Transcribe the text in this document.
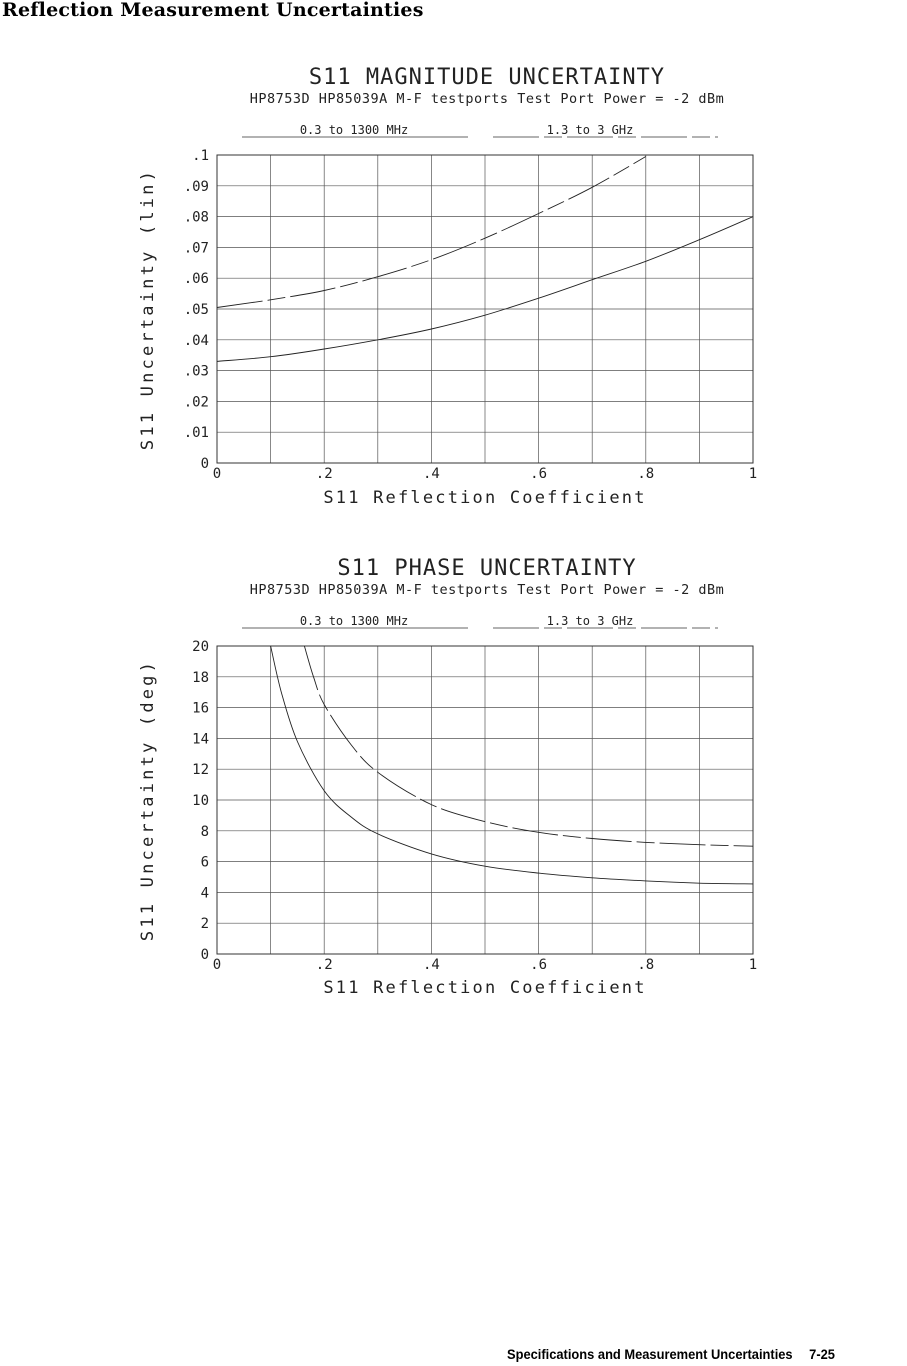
Reflection Measurement Uncertainties
S11 MAGNITUDE UNCERTAINTY
HP8753D HP85039A M-F testports Test Port Power = -2 dBm
0.3 to 1300 MHz	1.3 to 3 GHz
0	.2	.4	.6	.8	1
0
.01
.02
.03
.04
.05
.06
.07
.08
.09
.1
S11 Reflection Coefficient
S11 Uncertainty (lin)
S11 PHASE UNCERTAINTY
HP8753D HP85039A M-F testports Test Port Power = -2 dBm
0.3 to 1300 MHz	1.3 to 3 GHz
0	.2	.4	.6	.8	1
0
2
4
6
8
10
12
14
16
18
20
S11 Reflection Coefficient
S11 Uncertainty (deg)
Specifications and Measurement Uncertainties 7-25
